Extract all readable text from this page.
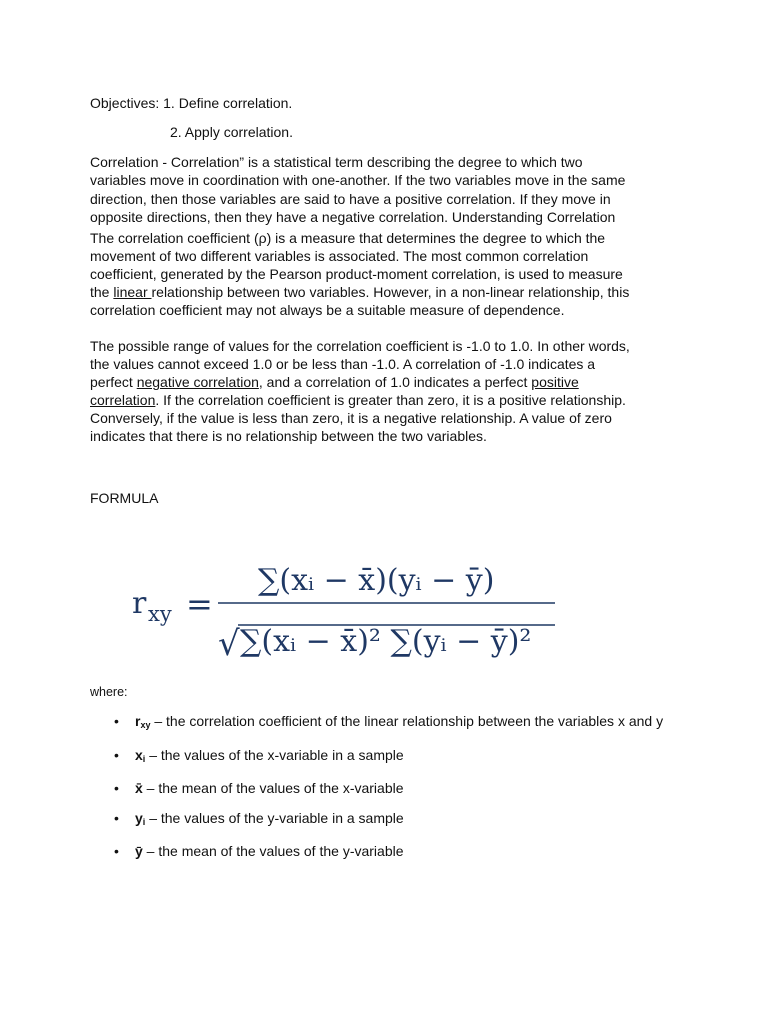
Objectives: 1. Define correlation.
2. Apply correlation.
Correlation - Correlation” is a statistical term describing the degree to which two
variables move in coordination with one-another. If the two variables move in the same
direction, then those variables are said to have a positive correlation. If they move in
opposite directions, then they have a negative correlation. Understanding Correlation
The correlation coefficient (ρ) is a measure that determines the degree to which the
movement of two different variables is associated. The most common correlation
coefficient, generated by the Pearson product-moment correlation, is used to measure
the linear relationship between two variables. However, in a non-linear relationship, this
correlation coefficient may not always be a suitable measure of dependence.
The possible range of values for the correlation coefficient is -1.0 to 1.0. In other words,
the values cannot exceed 1.0 or be less than -1.0. A correlation of -1.0 indicates a
perfect negative correlation, and a correlation of 1.0 indicates a perfect positive
correlation. If the correlation coefficient is greater than zero, it is a positive relationship.
Conversely, if the value is less than zero, it is a negative relationship. A value of zero
indicates that there is no relationship between the two variables.
FORMULA
r xy =
∑(xᵢ − x̄)(yᵢ − ȳ)
√ ∑(xᵢ − x̄)² ∑(yᵢ − ȳ)²
where:
• $r_{xy}$ – the correlation coefficient of the linear relationship between the variables x and y
• $x_i$ – the values of the x-variable in a sample
• x̄ – the mean of the values of the x-variable
• $y_i$ – the values of the y-variable in a sample
• ȳ – the mean of the values of the y-variable
